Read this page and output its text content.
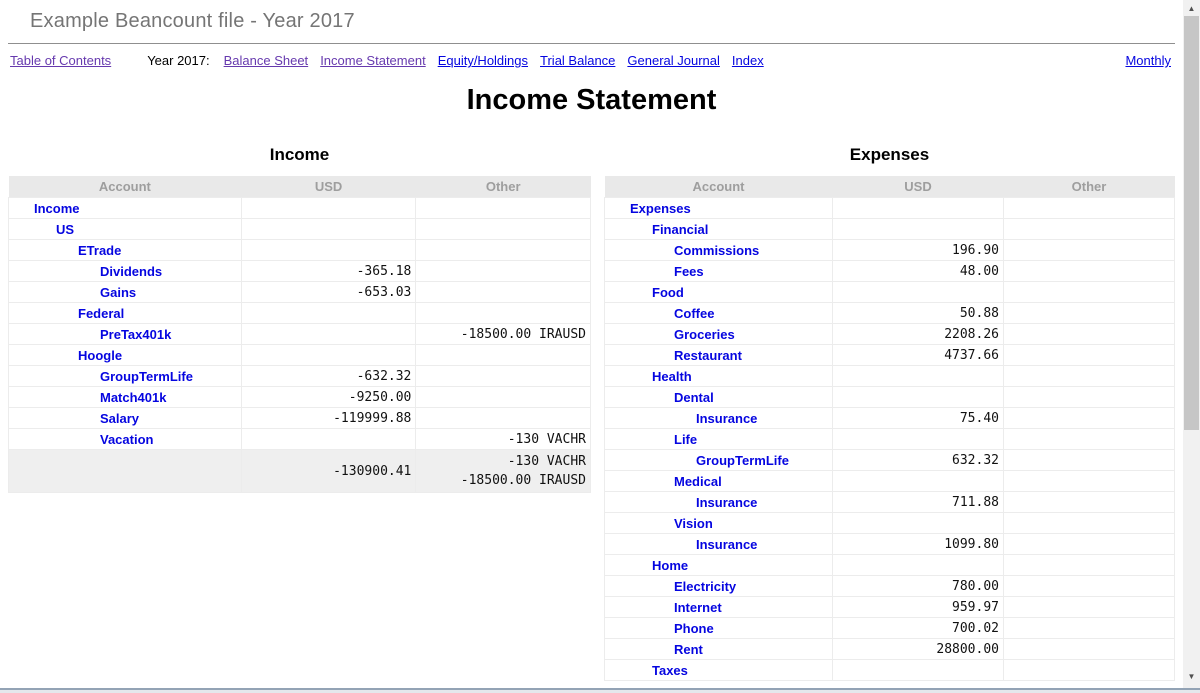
Example Beancount file - Year 2017
Table of Contents	Year 2017: Balance Sheet Income Statement Equity/Holdings Trial Balance General Journal Index	Monthly
Income Statement
Income
Account	USD	Other
Income		
US		
ETrade		
Dividends	-365.18	
Gains	-653.03	
Federal		
PreTax401k		-18500.00 IRAUSD
Hoogle		
GroupTermLife	-632.32	
Match401k	-9250.00	
Salary	-119999.88	
Vacation		-130 VACHR
	-130900.41	-130 VACHR
-18500.00 IRAUSD
Expenses
Account	USD	Other
Expenses		
Financial		
Commissions	196.90	
Fees	48.00	
Food		
Coffee	50.88	
Groceries	2208.26	
Restaurant	4737.66	
Health		
Dental		
Insurance	75.40	
Life		
GroupTermLife	632.32	
Medical		
Insurance	711.88	
Vision		
Insurance	1099.80	
Home		
Electricity	780.00	
Internet	959.97	
Phone	700.02	
Rent	28800.00	
Taxes		
▲
▼
